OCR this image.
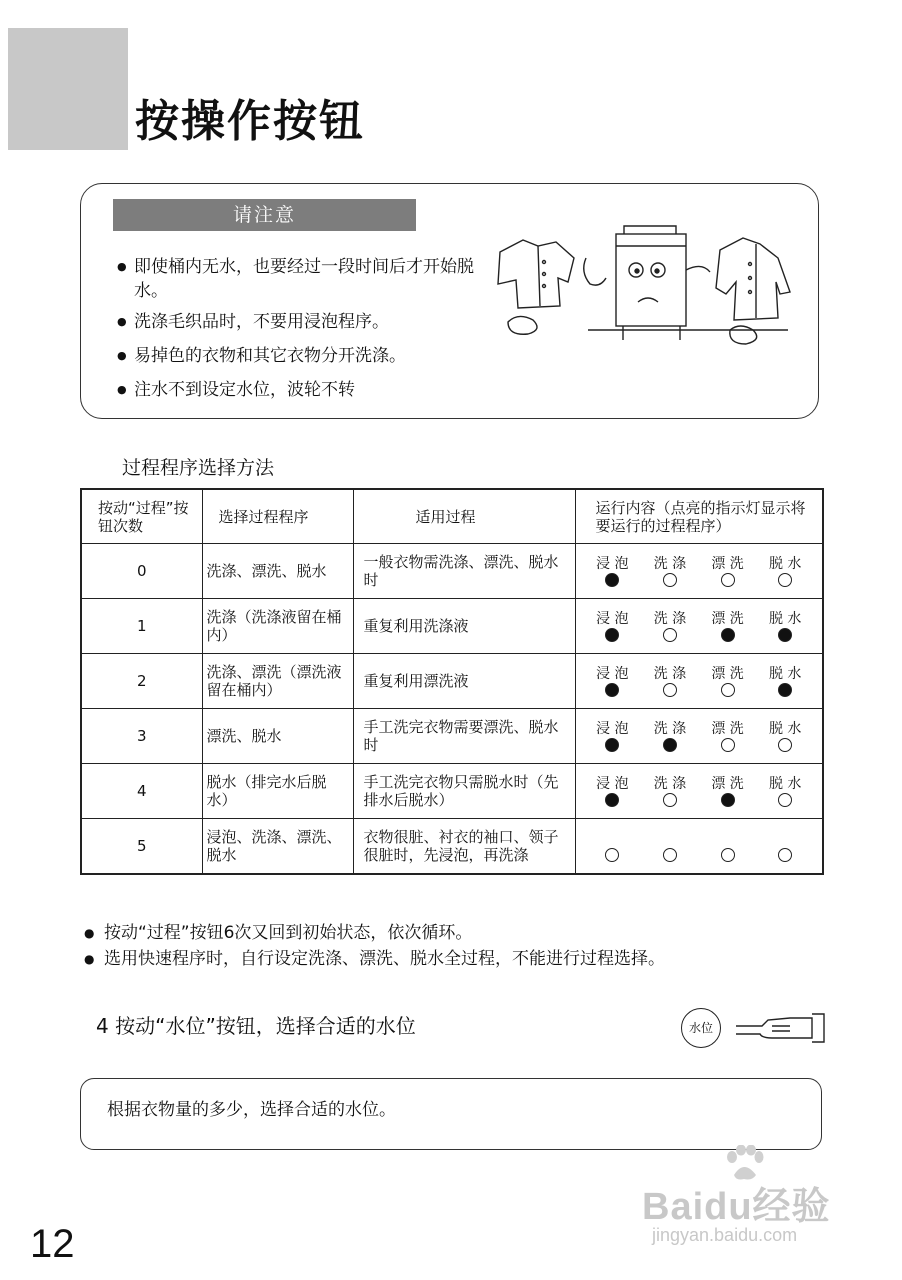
按操作按钮
请注意
● 即使桶内无水，也要经过一段时间后才开始脱水。
● 洗涤毛织品时，不要用浸泡程序。
● 易掉色的衣物和其它衣物分开洗涤。
● 注水不到设定水位，波轮不转
过程程序选择方法
按动“过程”按钮次数	选择过程程序	适用过程	运行内容（点亮的指示灯显示将要运行的过程程序）
0	洗涤、漂洗、脱水	一般衣物需洗涤、漂洗、脱水时	浸 泡 洗 涤 漂 洗 脱 水

1	洗涤（洗涤液留在桶内）	重复利用洗涤液	浸 泡 洗 涤 漂 洗 脱 水

2	洗涤、漂洗（漂洗液留在桶内）	重复利用漂洗液	浸 泡 洗 涤 漂 洗 脱 水

3	漂洗、脱水	手工洗完衣物需要漂洗、脱水时	浸 泡 洗 涤 漂 洗 脱 水

4	脱水（排完水后脱水）	手工洗完衣物只需脱水时（先排水后脱水）	浸 泡 洗 涤 漂 洗 脱 水

5	浸泡、洗涤、漂洗、脱水	衣物很脏、衬衣的袖口、领子很脏时，先浸泡，再洗涤	
● 按动“过程”按钮6次又回到初始状态，依次循环。
● 选用快速程序时，自行设定洗涤、漂洗、脱水全过程，不能进行过程选择。
4 按动“水位”按钮，选择合适的水位	水位
根据衣物量的多少，选择合适的水位。
12
Baidu经验
jingyan.baidu.com
